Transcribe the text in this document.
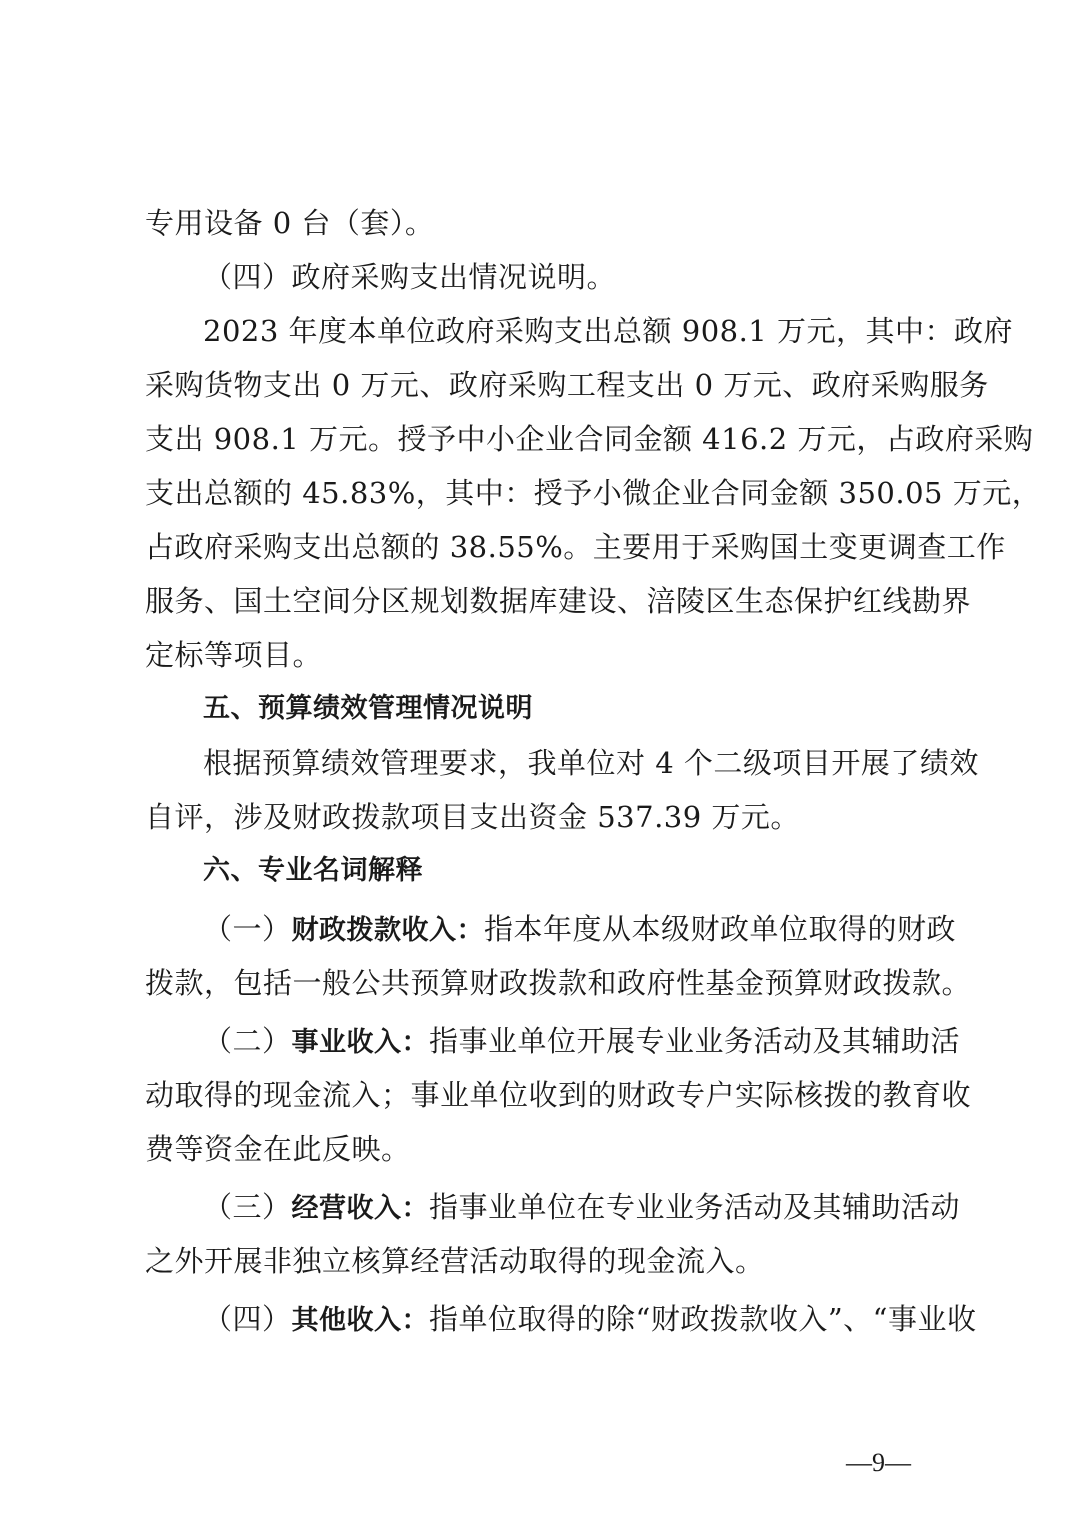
专用设备 0 台（套）。
（四）政府采购支出情况说明。
2023 年度本单位政府采购支出总额 908.1 万元，其中：政府
采购货物支出 0 万元、政府采购工程支出 0 万元、政府采购服务
支出 908.1 万元。授予中小企业合同金额 416.2 万元，占政府采购
支出总额的 45.83%，其中：授予小微企业合同金额 350.05 万元，
占政府采购支出总额的 38.55%。主要用于采购国土变更调查工作
服务、国土空间分区规划数据库建设、涪陵区生态保护红线勘界
定标等项目。
五、预算绩效管理情况说明
根据预算绩效管理要求，我单位对 4 个二级项目开展了绩效
自评，涉及财政拨款项目支出资金 537.39 万元。
六、专业名词解释
（一）财政拨款收入：指本年度从本级财政单位取得的财政
拨款，包括一般公共预算财政拨款和政府性基金预算财政拨款。
（二）事业收入：指事业单位开展专业业务活动及其辅助活
动取得的现金流入；事业单位收到的财政专户实际核拨的教育收
费等资金在此反映。
（三）经营收入：指事业单位在专业业务活动及其辅助活动
之外开展非独立核算经营活动取得的现金流入。
（四）其他收入：指单位取得的除“财政拨款收入”、“事业收
—9—
